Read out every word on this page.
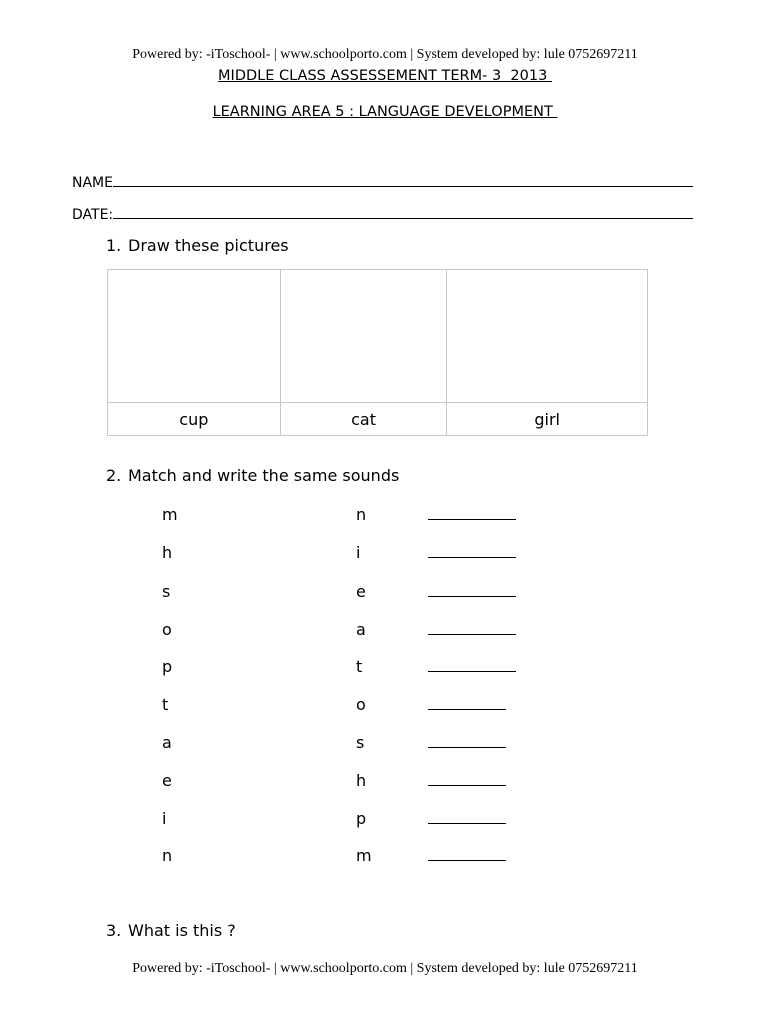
Powered by: -iToschool- | www.schoolporto.com | System developed by: lule 0752697211
MIDDLE CLASS ASSESSEMENT TERM- 3  2013
LEARNING AREA 5 : LANGUAGE DEVELOPMENT
NAME
DATE:
1. Draw these pictures

cup	cat	girl
2. Match and write the same sounds
m	n
h	i
s	e
o	a
p	t
t	o
a	s
e	h
i	p
n	m
3. What is this ?
Powered by: -iToschool- | www.schoolporto.com | System developed by: lule 0752697211
